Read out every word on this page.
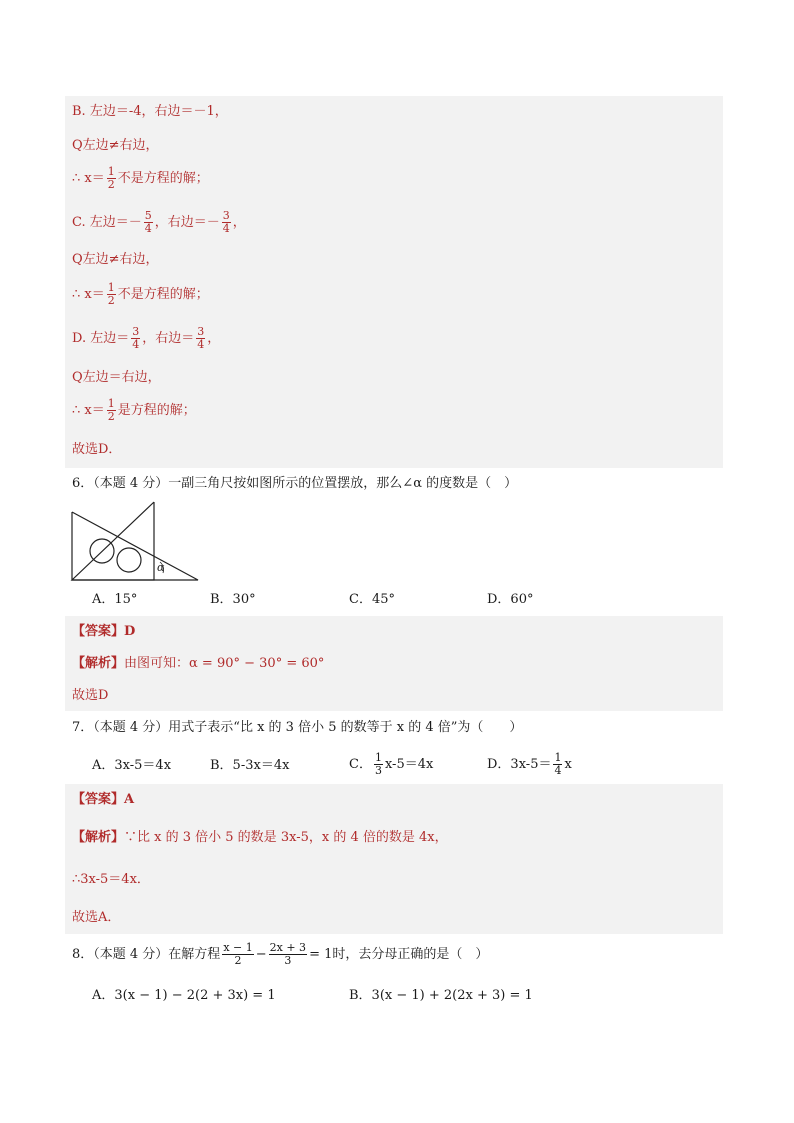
B. 左边＝-4，右边＝－1，
Q左边≠右边，
∴ $x= \frac{1}{2}$ 不是方程的解；
C. 左边＝－ $\frac{5}{4}$ ，右边＝－ $\frac{3}{4}$ ，
Q左边≠右边，
∴ $x= \frac{1}{2}$ 不是方程的解；
D. 左边＝ $\frac{3}{4}$ ，右边＝ $\frac{3}{4}$ ，
Q左边＝右边，
∴ $x= \frac{1}{2}$ 是方程的解；
故选D．
6．（本题 4 分）一副三角尺按如图所示的位置摆放，那么∠α 的度数是（　）
α
A．15°	B．30°	C．45°	D．60°
【答案】D
【解析】由图可知：α = 90° − 30° = 60°
故选D
7．（本题 4 分）用式子表示“比 x 的 3 倍小 5 的数等于 x 的 4 倍”为（　　）
A．3x-5＝4x	B．5-3x＝4x	C． $\frac{1}{3} x-5=4x$	D．$3x-5= \frac{1}{4}$ x
【答案】A
【解析】∵比 x 的 3 倍小 5 的数是 3x-5，x 的 4 倍的数是 4x，
∴3x-5＝4x．
故选A．
8．（本题 4 分）在解方程 $\frac{x - 1}{2} - \frac{2x + 3}{3} = 1$时，去分母正确的是（　）
A．3(x − 1) − 2(2 + 3x) = 1	B．3(x − 1) + 2(2x + 3) = 1
